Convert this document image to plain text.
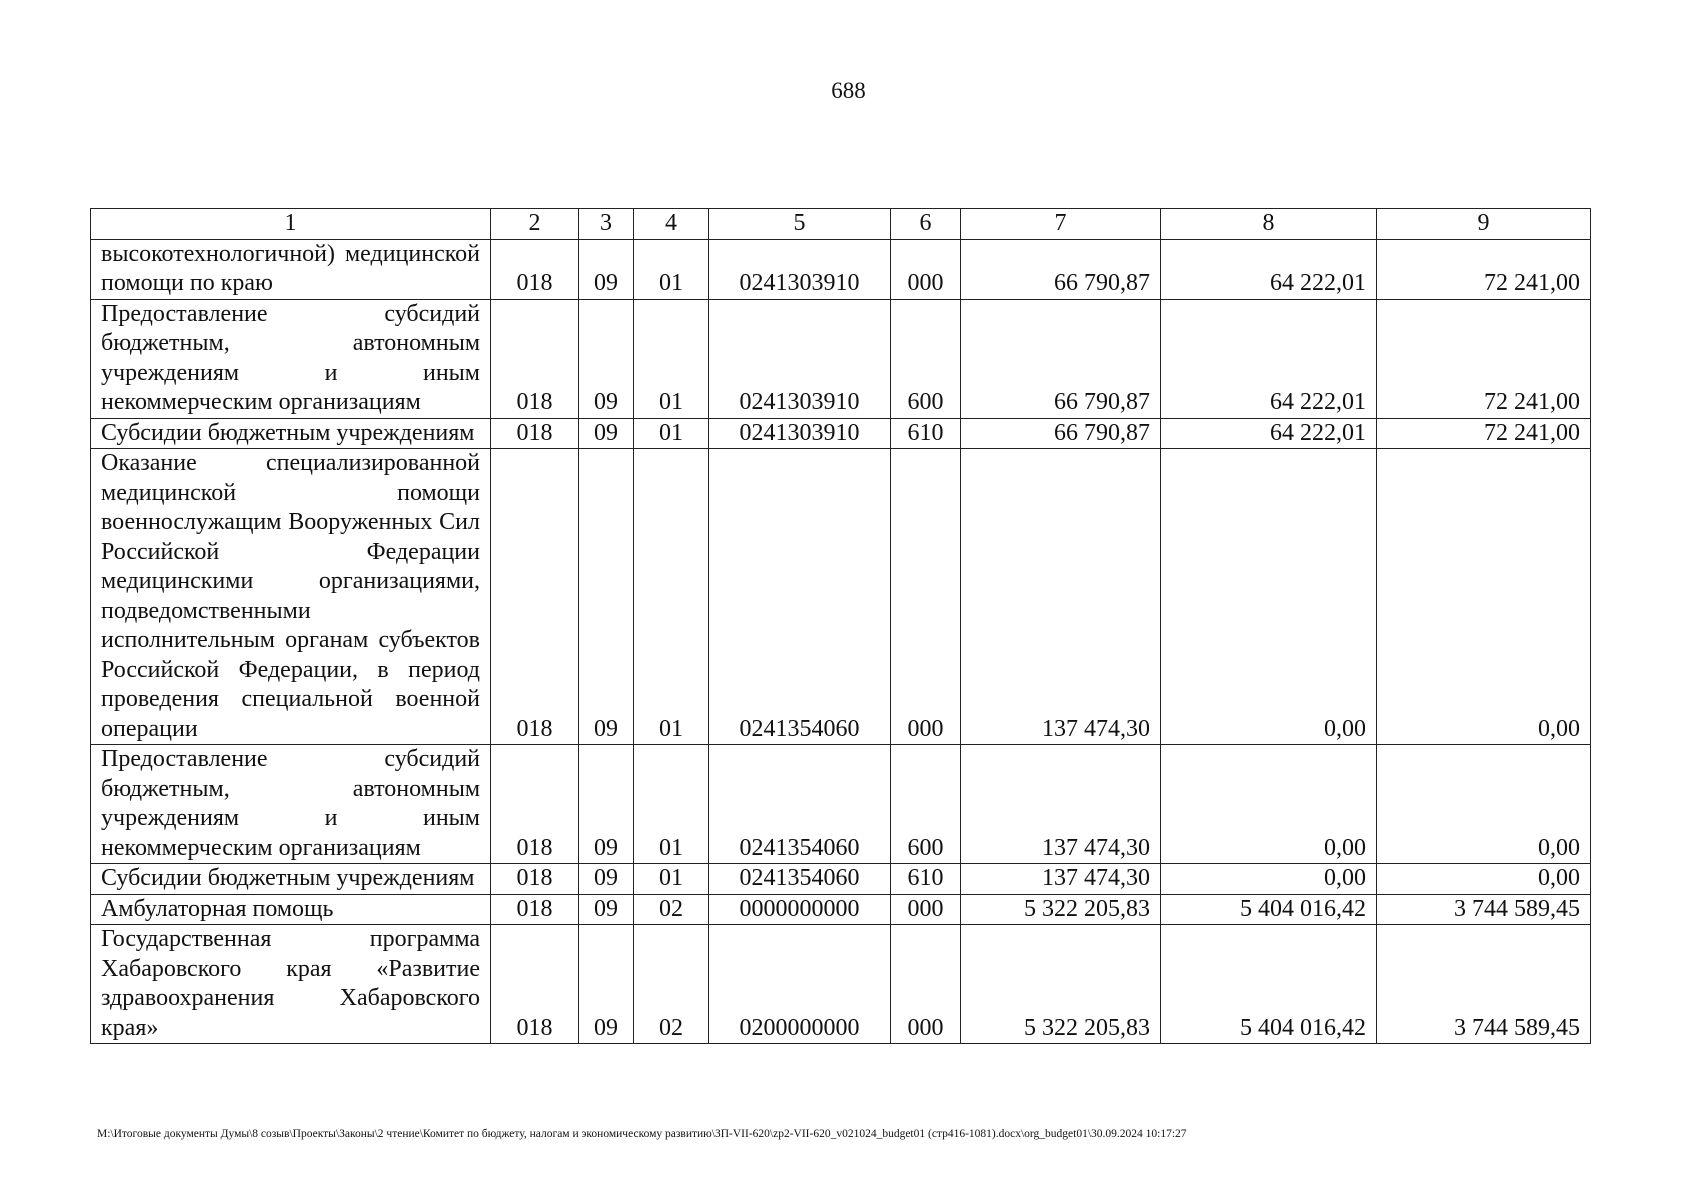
688
1	2	3	4	5	6	7	8	9
высокотехнологичной) медицинской помощи по краю	018	09	01	0241303910	000	66 790,87	64 222,01	72 241,00
Предоставление субсидий бюджетным, автономным учреждениям и иным некоммерческим организациям	018	09	01	0241303910	600	66 790,87	64 222,01	72 241,00
Субсидии бюджетным учреждениям	018	09	01	0241303910	610	66 790,87	64 222,01	72 241,00
Оказание специализированной медицинской помощи военнослужащим Вооруженных Сил Российской Федерации медицинскими организациями, подведомственными исполнительным органам субъектов Российской Федерации, в период проведения специальной военной операции	018	09	01	0241354060	000	137 474,30	0,00	0,00
Предоставление субсидий бюджетным, автономным учреждениям и иным некоммерческим организациям	018	09	01	0241354060	600	137 474,30	0,00	0,00
Субсидии бюджетным учреждениям	018	09	01	0241354060	610	137 474,30	0,00	0,00
Амбулаторная помощь	018	09	02	0000000000	000	5 322 205,83	5 404 016,42	3 744 589,45
Государственная программа Хабаровского края «Развитие здравоохранения Хабаровского края»	018	09	02	0200000000	000	5 322 205,83	5 404 016,42	3 744 589,45
M:\Итоговые документы Думы\8 созыв\Проекты\Законы\2 чтение\Комитет по бюджету, налогам и экономическому развитию\ЗП-VII-620\zp2-VII-620_v021024_budget01 (стр416-1081).docx\org_budget01\30.09.2024 10:17:27
